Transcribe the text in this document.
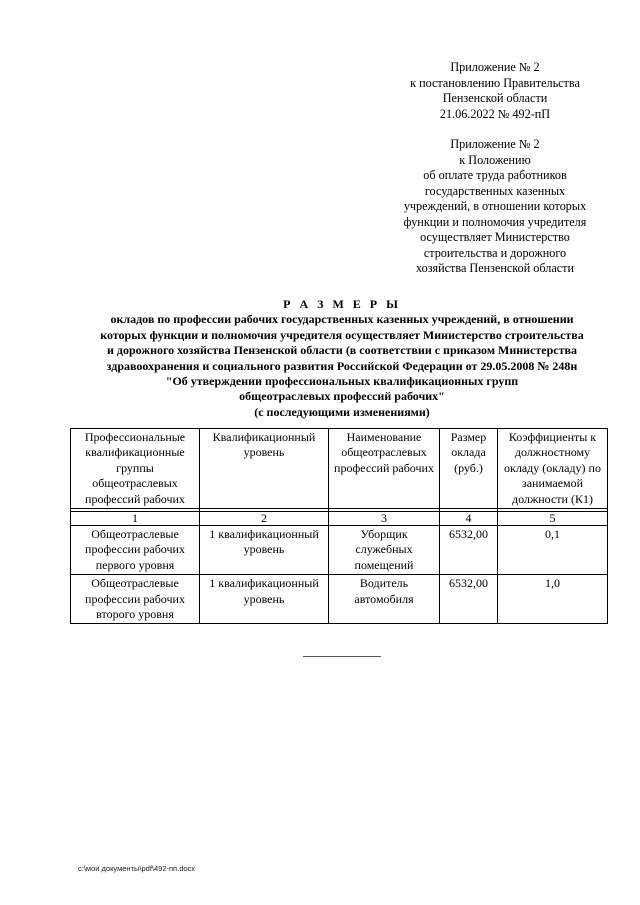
Приложение № 2
к постановлению Правительства
Пензенской области
21.06.2022 № 492-пП
Приложение № 2
к Положению
об оплате труда работников
государственных казенных
учреждений, в отношении которых
функции и полномочия учредителя
осуществляет Министерство
строительства и дорожного
хозяйства Пензенской области
Р А З М Е Р Ы
окладов по профессии рабочих государственных казенных учреждений, в отношении
которых функции и полномочия учредителя осуществляет Министерство строительства
и дорожного хозяйства Пензенской области (в соответствии с приказом Министерства
здравоохранения и социального развития Российской Федерации от 29.05.2008 № 248н
"Об утверждении профессиональных квалификационных групп
общеотраслевых профессий рабочих"
(с последующими изменениями)
Профессиональные квалификационные группы общеотраслевых профессий рабочих	Квалификационный уровень	Наименование общеотраслевых профессий рабочих	Размер оклада (руб.)	Коэффициенты к должностному окладу (окладу) по занимаемой должности (К1)

1	2	3	4	5
Общеотраслевые профессии рабочих первого уровня	1 квалификационный уровень	Уборщик служебных помещений	6532,00	0,1
Общеотраслевые профессии рабочих второго уровня	1 квалификационный уровень	Водитель автомобиля	6532,00	1,0
c:\мои документы\pdf\492-пп.docx
